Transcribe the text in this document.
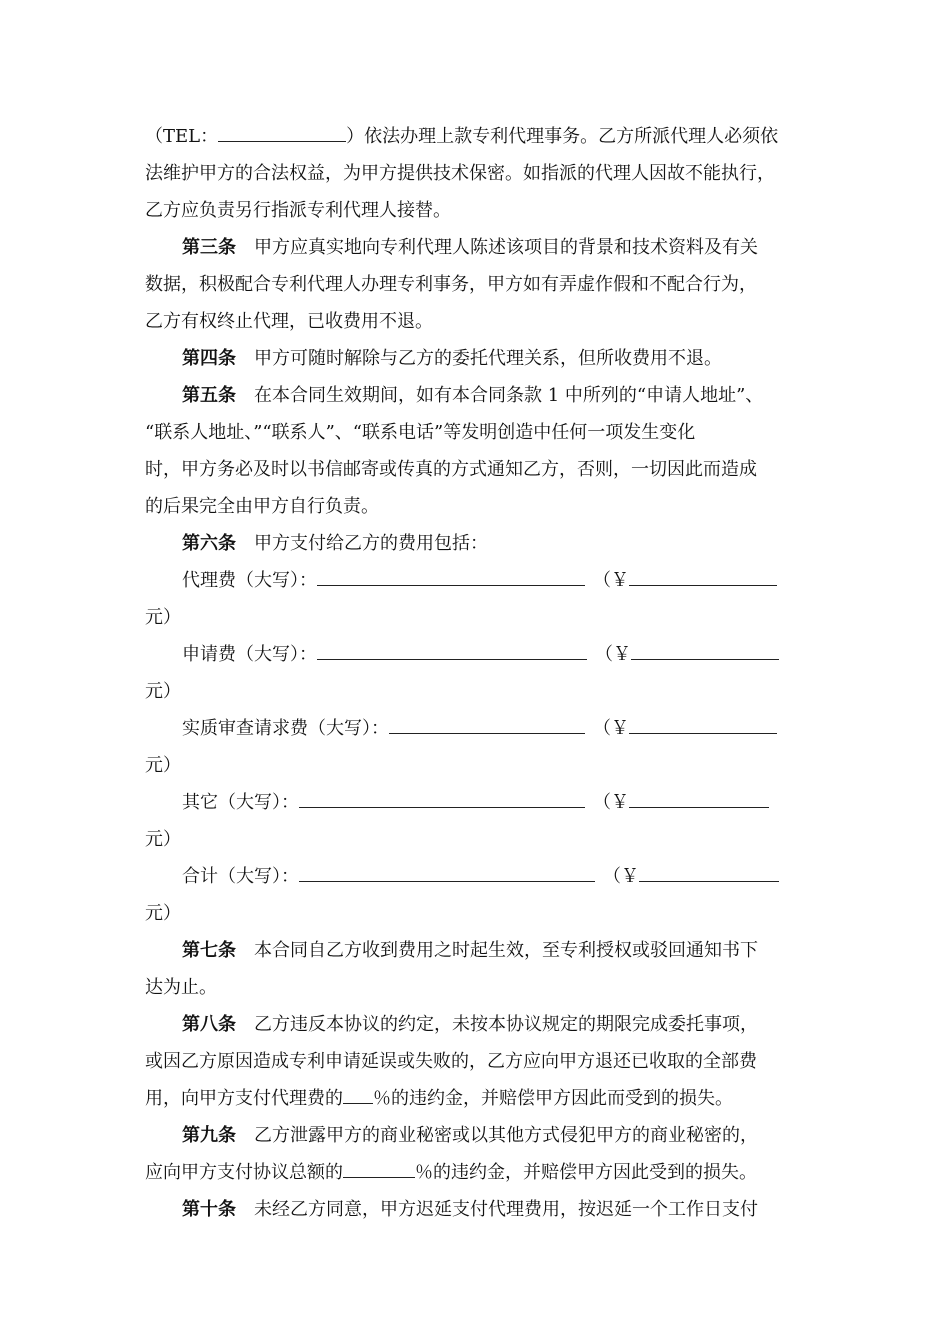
（TEL：	）依法办理上款专利代理事务。乙方所派代理人必须依
法维护甲方的合法权益，为甲方提供技术保密。如指派的代理人因故不能执行，
乙方应负责另行指派专利代理人接替。
第三条 甲方应真实地向专利代理人陈述该项目的背景和技术资料及有关
数据，积极配合专利代理人办理专利事务，甲方如有弄虚作假和不配合行为，
乙方有权终止代理，已收费用不退。
第四条 甲方可随时解除与乙方的委托代理关系，但所收费用不退。
第五条 在本合同生效期间，如有本合同条款 1 中所列的“申请人地址”、
“联系人地址、”“联系人”、“联系电话”等发明创造中任何一项发生变化
时，甲方务必及时以书信邮寄或传真的方式通知乙方，否则，一切因此而造成
的后果完全由甲方自行负责。
第六条 甲方支付给乙方的费用包括：
代理费（大写）：	（￥
元）
申请费（大写）：	（￥
元）
实质审查请求费（大写）：	（￥
元）
其它（大写）：	（￥
元）
合计（大写）：	（￥
元）
第七条 本合同自乙方收到费用之时起生效，至专利授权或驳回通知书下
达为止。
第八条 乙方违反本协议的约定，未按本协议规定的期限完成委托事项，
或因乙方原因造成专利申请延误或失败的，乙方应向甲方退还已收取的全部费
用，向甲方支付代理费的 ％的违约金，并赔偿甲方因此而受到的损失。
第九条 乙方泄露甲方的商业秘密或以其他方式侵犯甲方的商业秘密的，
应向甲方支付协议总额的	％的违约金，并赔偿甲方因此受到的损失。
第十条 未经乙方同意，甲方迟延支付代理费用，按迟延一个工作日支付
